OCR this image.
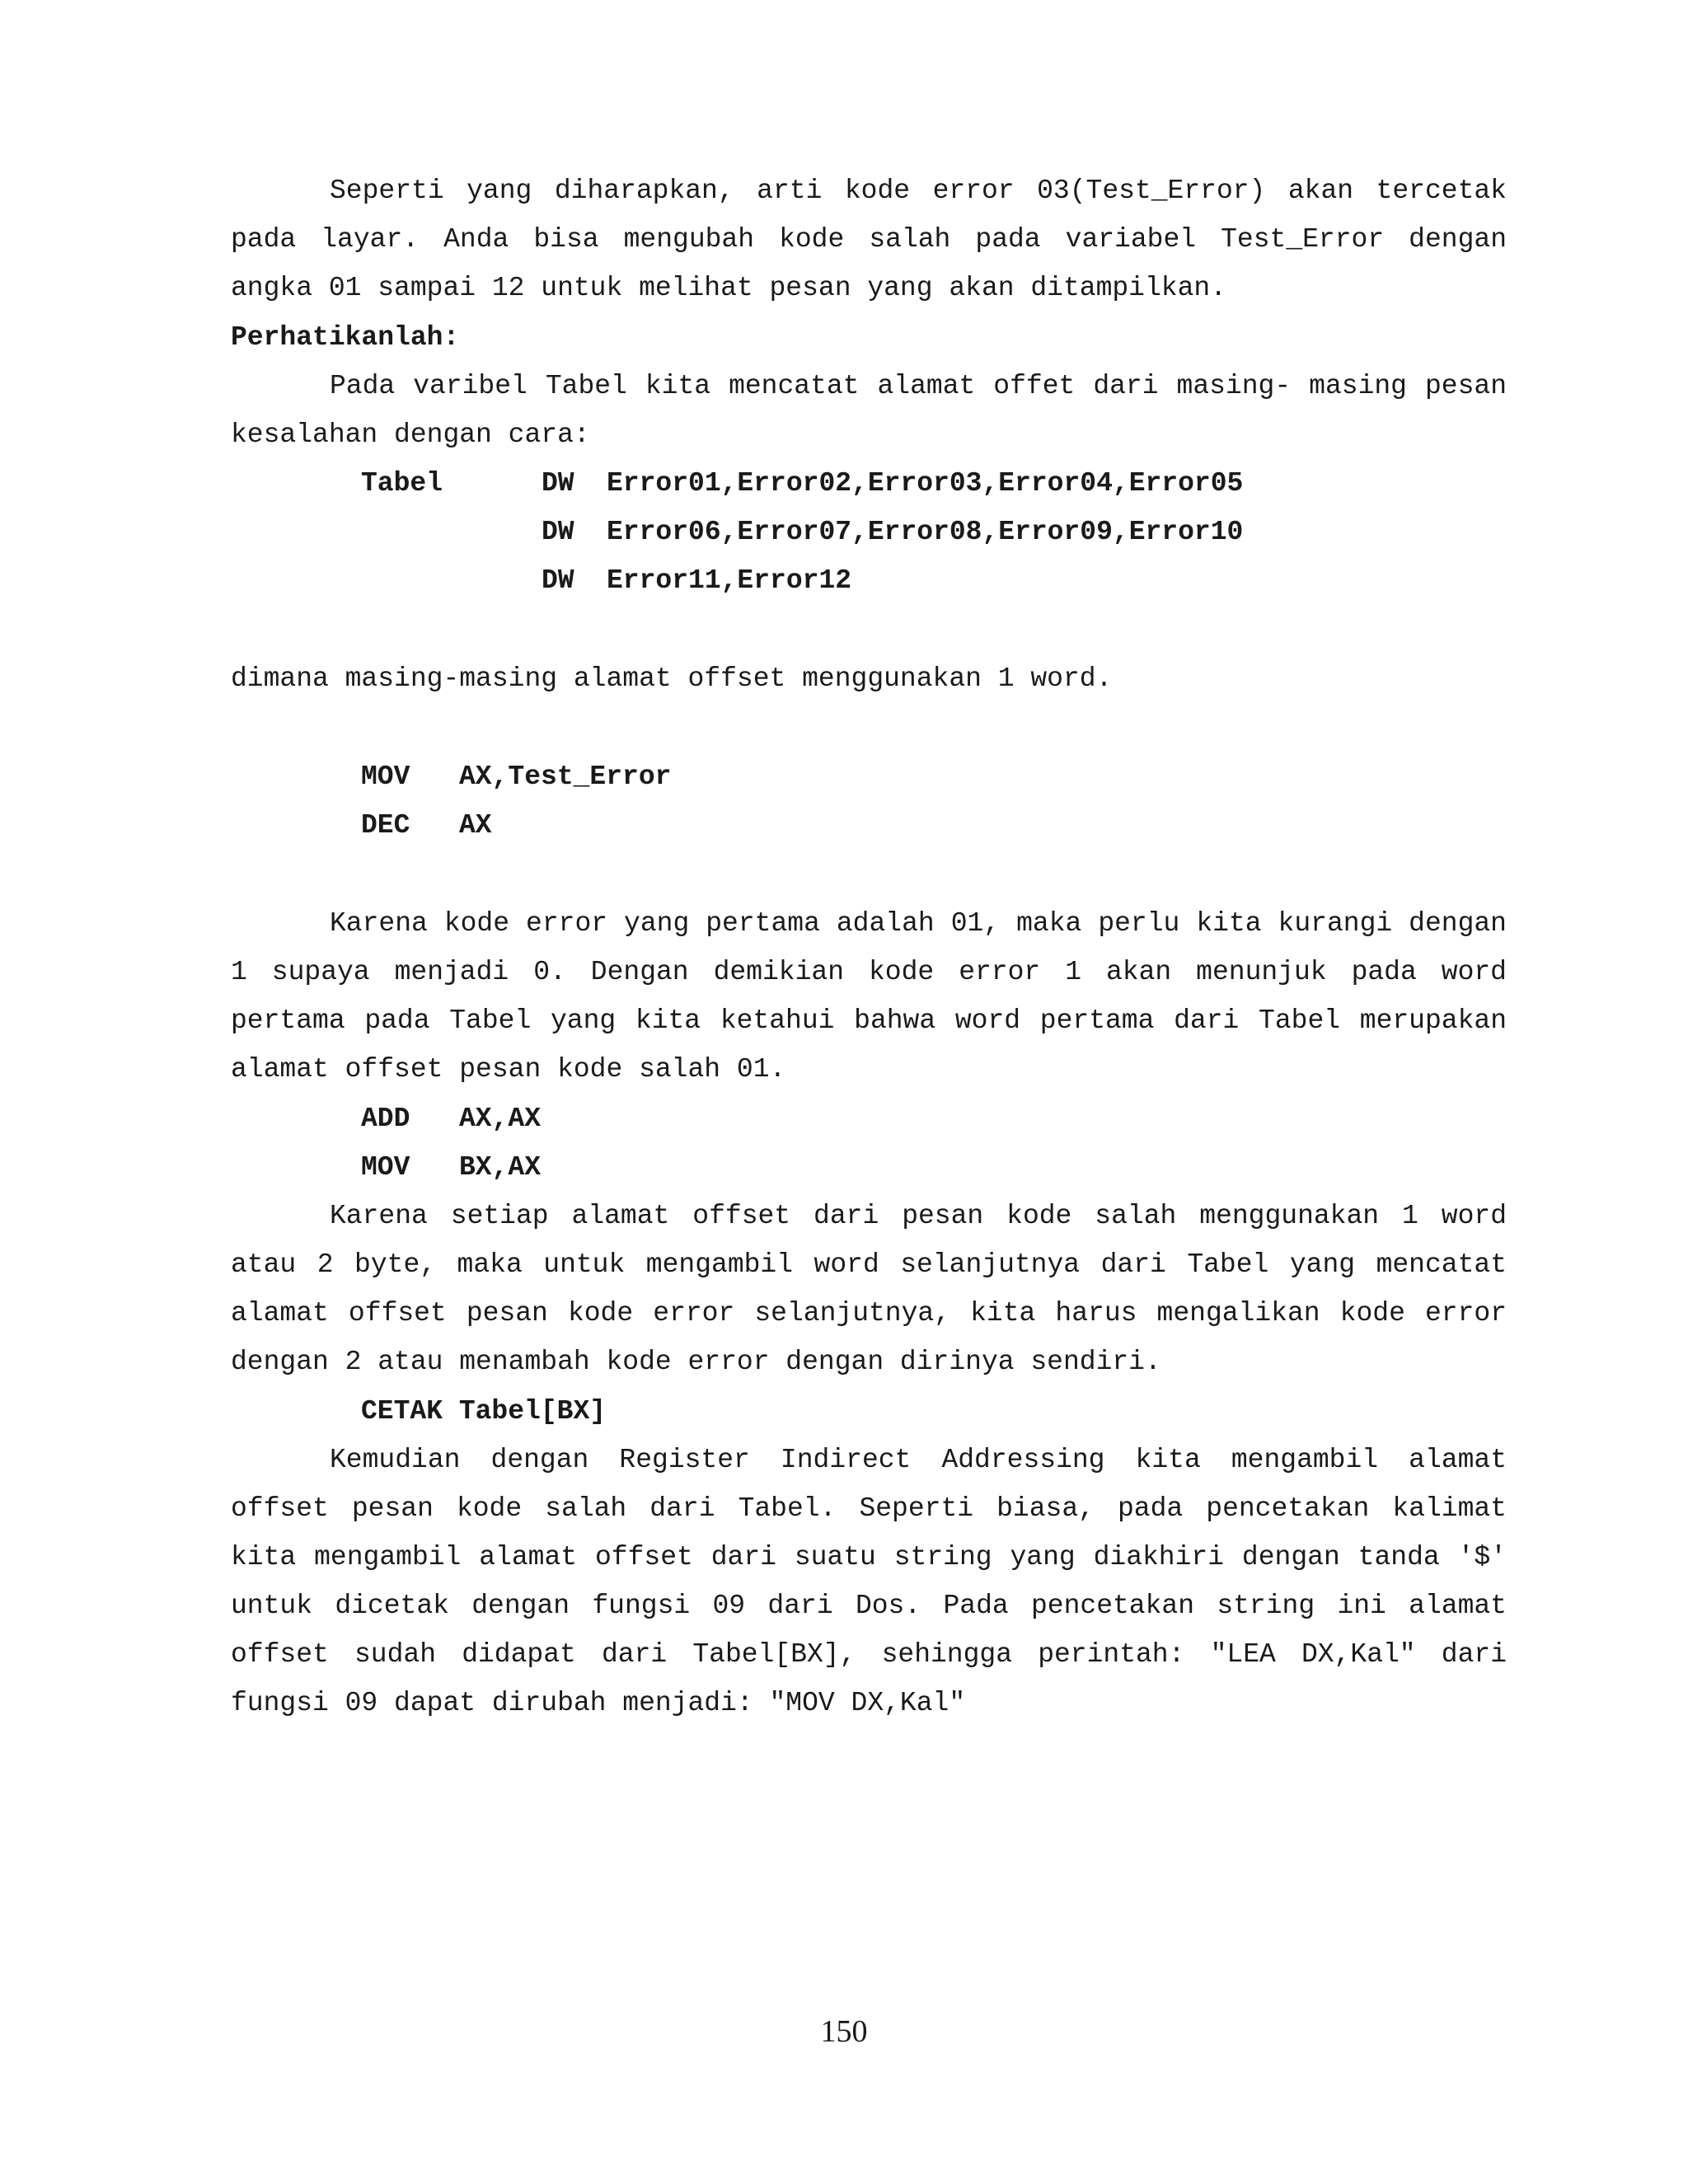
Seperti yang diharapkan, arti kode error 03(Test_Error) akan tercetak pada layar. Anda bisa mengubah kode salah pada variabel Test_Error dengan angka 01 sampai 12 untuk melihat pesan yang akan ditampilkan.

Perhatikanlah:

Pada varibel Tabel kita mencatat alamat offet dari masing- masing pesan kesalahan dengan cara:

Tabel	DW Error01,Error02,Error03,Error04,Error05
DW Error06,Error07,Error08,Error09,Error10
DW Error11,Error12
dimana masing-masing alamat offset menggunakan 1 word.
MOV AX,Test_Error
DEC AX

Karena kode error yang pertama adalah 01, maka perlu kita kurangi dengan 1 supaya menjadi 0. Dengan demikian kode error 1 akan menunjuk pada word pertama pada Tabel yang kita ketahui bahwa word pertama dari Tabel merupakan alamat offset pesan kode salah 01.

ADD AX,AX
MOV BX,AX

Karena setiap alamat offset dari pesan kode salah menggunakan 1 word atau 2 byte, maka untuk mengambil word selanjutnya dari Tabel yang mencatat alamat offset pesan kode error selanjutnya, kita harus mengalikan kode error dengan 2 atau menambah kode error dengan dirinya sendiri.

CETAK Tabel[BX]

Kemudian dengan Register Indirect Addressing kita mengambil alamat offset pesan kode salah dari Tabel. Seperti biasa, pada pencetakan kalimat kita mengambil alamat offset dari suatu string yang diakhiri dengan tanda '$' untuk dicetak dengan fungsi 09 dari Dos. Pada pencetakan string ini alamat offset sudah didapat dari Tabel[BX], sehingga perintah: "LEA DX,Kal" dari fungsi 09 dapat dirubah menjadi: "MOV DX,Kal"

150
